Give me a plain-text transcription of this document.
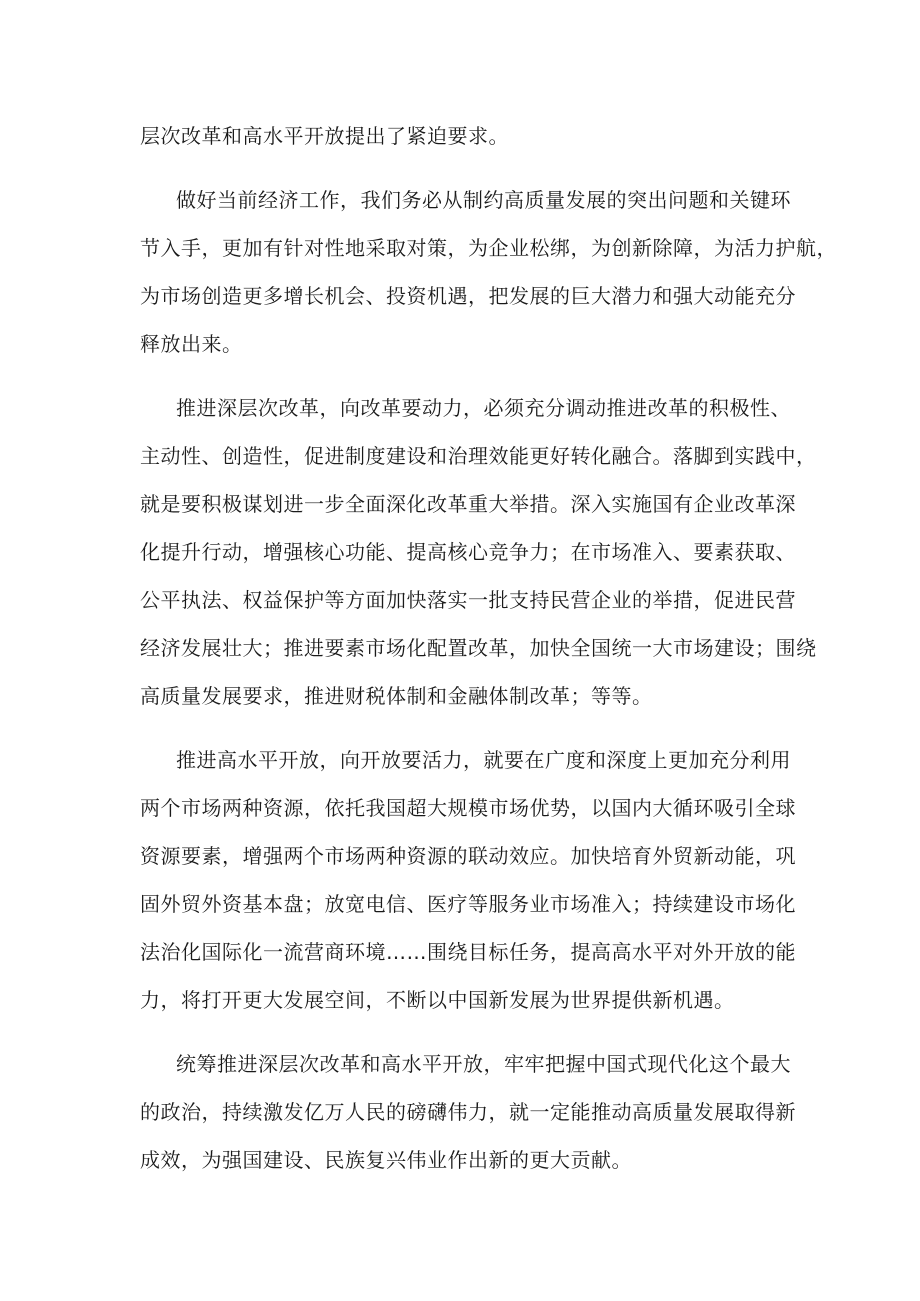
层次改革和高水平开放提出了紧迫要求。
做好当前经济工作，我们务必从制约高质量发展的突出问题和关键环
节入手，更加有针对性地采取对策，为企业松绑，为创新除障，为活力护航，
为市场创造更多增长机会、投资机遇，把发展的巨大潜力和强大动能充分
释放出来。
推进深层次改革，向改革要动力，必须充分调动推进改革的积极性、
主动性、创造性，促进制度建设和治理效能更好转化融合。落脚到实践中，
就是要积极谋划进一步全面深化改革重大举措。深入实施国有企业改革深
化提升行动，增强核心功能、提高核心竞争力；在市场准入、要素获取、
公平执法、权益保护等方面加快落实一批支持民营企业的举措，促进民营
经济发展壮大；推进要素市场化配置改革，加快全国统一大市场建设；围绕
高质量发展要求，推进财税体制和金融体制改革；等等。
推进高水平开放，向开放要活力，就要在广度和深度上更加充分利用
两个市场两种资源，依托我国超大规模市场优势，以国内大循环吸引全球
资源要素，增强两个市场两种资源的联动效应。加快培育外贸新动能，巩
固外贸外资基本盘；放宽电信、医疗等服务业市场准入；持续建设市场化
法治化国际化一流营商环境……围绕目标任务，提高高水平对外开放的能
力，将打开更大发展空间，不断以中国新发展为世界提供新机遇。
统筹推进深层次改革和高水平开放，牢牢把握中国式现代化这个最大
的政治，持续激发亿万人民的磅礴伟力，就一定能推动高质量发展取得新
成效，为强国建设、民族复兴伟业作出新的更大贡献。
